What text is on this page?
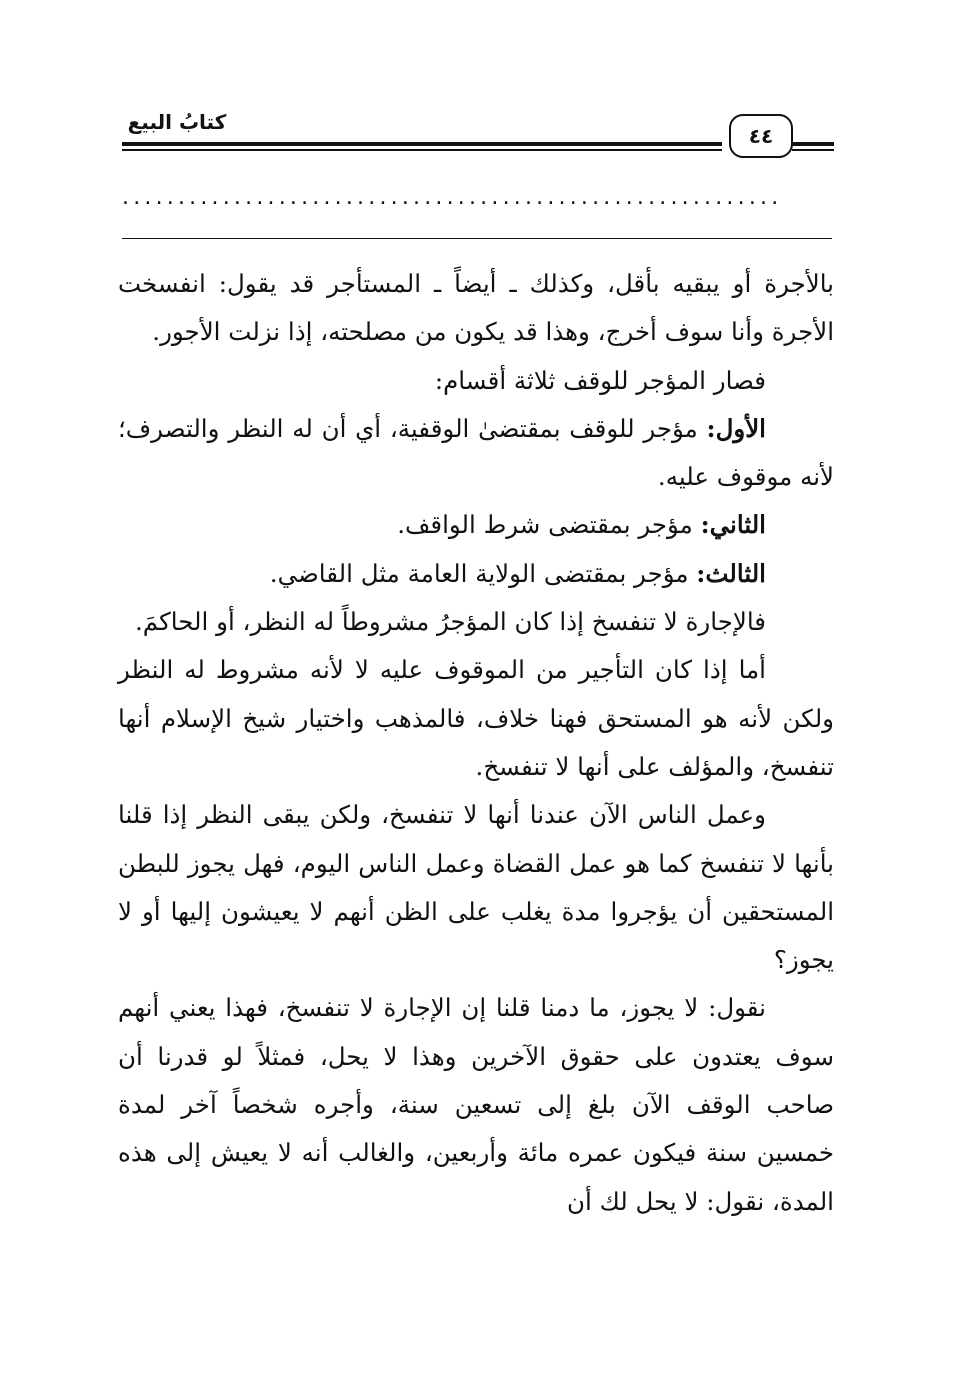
كتابُ البيع
٤٤
...........................................................

بالأجرة أو يبقيه بأقل، وكذلك ـ أيضاً ـ المستأجر قد يقول: انفسخت الأجرة وأنا سوف أخرج، وهذا قد يكون من مصلحته، إذا نزلت الأجور.

فصار المؤجر للوقف ثلاثة أقسام:

الأول: مؤجر للوقف بمقتضىٰ الوقفية، أي أن له النظر والتصرف؛ لأنه موقوف عليه.

الثاني: مؤجر بمقتضى شرط الواقف.

الثالث: مؤجر بمقتضى الولاية العامة مثل القاضي.

فالإجارة لا تنفسخ إذا كان المؤجرُ مشروطاً له النظر، أو الحاكمَ.

أما إذا كان التأجير من الموقوف عليه لا لأنه مشروط له النظر ولكن لأنه هو المستحق فهنا خلاف، فالمذهب واختيار شيخ الإسلام أنها تنفسخ، والمؤلف على أنها لا تنفسخ.

وعمل الناس الآن عندنا أنها لا تنفسخ، ولكن يبقى النظر إذا قلنا بأنها لا تنفسخ كما هو عمل القضاة وعمل الناس اليوم، فهل يجوز للبطن المستحقين أن يؤجروا مدة يغلب على الظن أنهم لا يعيشون إليها أو لا يجوز؟

نقول: لا يجوز، ما دمنا قلنا إن الإجارة لا تنفسخ، فهذا يعني أنهم سوف يعتدون على حقوق الآخرين وهذا لا يحل، فمثلاً لو قدرنا أن صاحب الوقف الآن بلغ إلى تسعين سنة، وأجره شخصاً آخر لمدة خمسين سنة فيكون عمره مائة وأربعين، والغالب أنه لا يعيش إلى هذه المدة، نقول: لا يحل لك أن
